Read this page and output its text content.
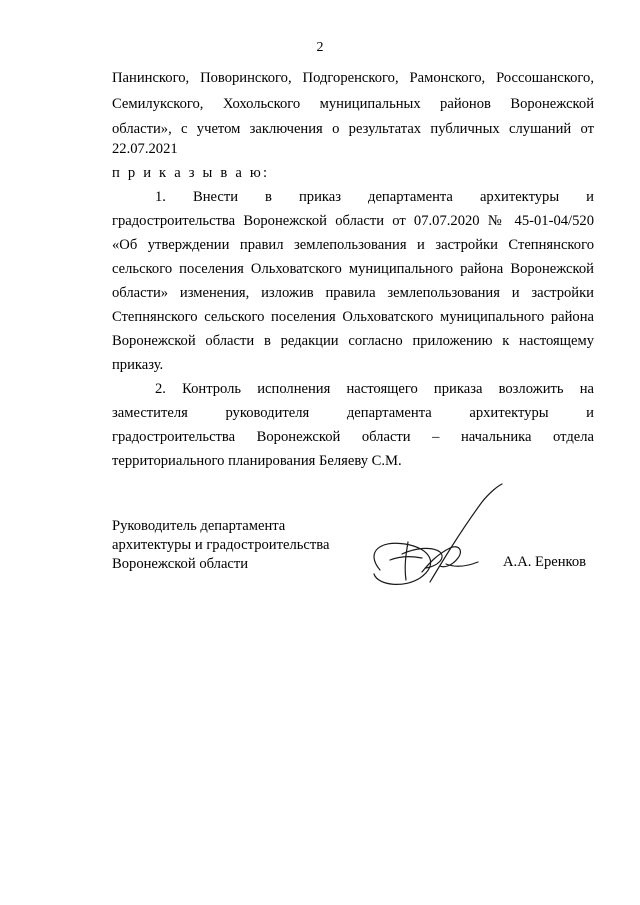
2
Панинского, Поворинского, Подгоренского, Рамонского, Россошанского,
Семилукского, Хохольского муниципальных районов Воронежской
области», с учетом заключения о результатах публичных слушаний от
22.07.2021
п р и к а з ы в а ю:
1. Внести в приказ департамента архитектуры и
градостроительства Воронежской области от 07.07.2020 № 45-01-04/520
«Об утверждении правил землепользования и застройки Степнянского
сельского поселения Ольховатского муниципального района Воронежской
области» изменения, изложив правила землепользования и застройки
Степнянского сельского поселения Ольховатского муниципального района
Воронежской области в редакции согласно приложению к настоящему
приказу.
2. Контроль исполнения настоящего приказа возложить на
заместителя руководителя департамента архитектуры и
градостроительства Воронежской области – начальника отдела
территориального планирования Беляеву С.М.
Руководитель департамента
архитектуры и градостроительства
Воронежской области	А.А. Еренков
